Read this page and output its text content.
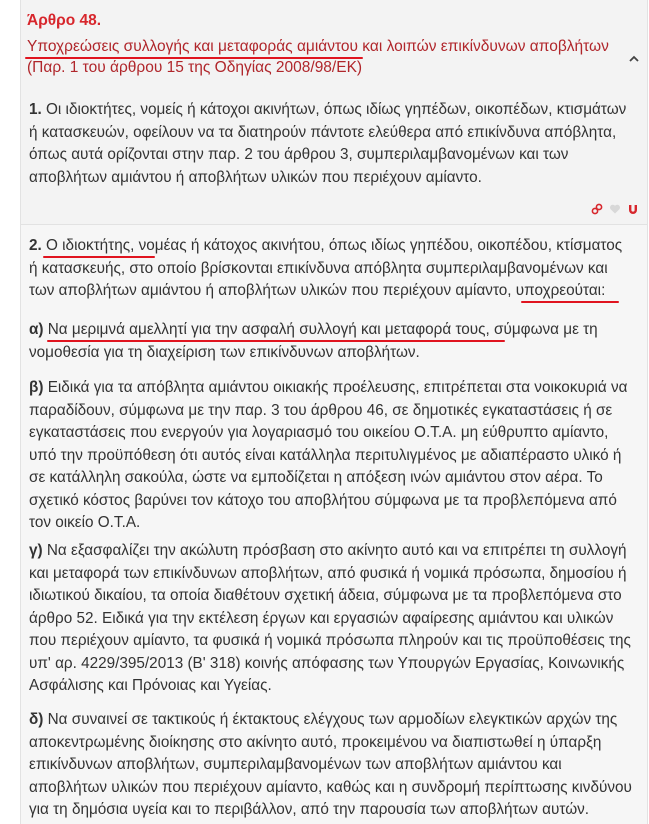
Άρθρο 48.
Υποχρεώσεις συλλογής και μεταφοράς αμιάντου και λοιπών επικίνδυνων αποβλήτων (Παρ. 1 του άρθρου 15 της Οδηγίας 2008/98/ΕΚ)
1. Οι ιδιοκτήτες, νομείς ή κάτοχοι ακινήτων, όπως ιδίως γηπέδων, οικοπέδων, κτισμάτων ή κατασκευών, οφείλουν να τα διατηρούν πάντοτε ελεύθερα από επικίνδυνα απόβλητα, όπως αυτά ορίζονται στην παρ. 2 του άρθρου 3, συμπεριλαμβανομένων και των αποβλήτων αμιάντου ή αποβλήτων υλικών που περιέχουν αμίαντο.
2. Ο ιδιοκτήτης, νομέας ή κάτοχος ακινήτου, όπως ιδίως γηπέδου, οικοπέδου, κτίσματος ή κατασκευής, στο οποίο βρίσκονται επικίνδυνα απόβλητα συμπεριλαμβανομένων και των αποβλήτων αμιάντου ή αποβλήτων υλικών που περιέχουν αμίαντο, υποχρεούται:
α) Να μεριμνά αμελλητί για την ασφαλή συλλογή και μεταφορά τους, σύμφωνα με τη νομοθεσία για τη διαχείριση των επικίνδυνων αποβλήτων.
β) Ειδικά για τα απόβλητα αμιάντου οικιακής προέλευσης, επιτρέπεται στα νοικοκυριά να παραδίδουν, σύμφωνα με την παρ. 3 του άρθρου 46, σε δημοτικές εγκαταστάσεις ή σε εγκαταστάσεις που ενεργούν για λογαριασμό του οικείου Ο.Τ.Α. μη εύθρυπτο αμίαντο, υπό την προϋπόθεση ότι αυτός είναι κατάλληλα περιτυλιγμένος με αδιαπέραστο υλικό ή σε κατάλληλη σακούλα, ώστε να εμποδίζεται η απόξεση ινών αμιάντου στον αέρα. Το σχετικό κόστος βαρύνει τον κάτοχο του αποβλήτου σύμφωνα με τα προβλεπόμενα από τον οικείο Ο.Τ.Α.
γ) Να εξασφαλίζει την ακώλυτη πρόσβαση στο ακίνητο αυτό και να επιτρέπει τη συλλογή και μεταφορά των επικίνδυνων αποβλήτων, από φυσικά ή νομικά πρόσωπα, δημοσίου ή ιδιωτικού δικαίου, τα οποία διαθέτουν σχετική άδεια, σύμφωνα με τα προβλεπόμενα στο άρθρο 52. Ειδικά για την εκτέλεση έργων και εργασιών αφαίρεσης αμιάντου και υλικών που περιέχουν αμίαντο, τα φυσικά ή νομικά πρόσωπα πληρούν και τις προϋποθέσεις της υπ' αρ. 4229/395/2013 (Β' 318) κοινής απόφασης των Υπουργών Εργασίας, Κοινωνικής Ασφάλισης και Πρόνοιας και Υγείας.
δ) Να συναινεί σε τακτικούς ή έκτακτους ελέγχους των αρμοδίων ελεγκτικών αρχών της αποκεντρωμένης διοίκησης στο ακίνητο αυτό, προκειμένου να διαπιστωθεί η ύπαρξη επικίνδυνων αποβλήτων, συμπεριλαμβανομένων των αποβλήτων αμιάντου και αποβλήτων υλικών που περιέχουν αμίαντο, καθώς και η συνδρομή περίπτωσης κινδύνου για τη δημόσια υγεία και το περιβάλλον, από την παρουσία των αποβλήτων αυτών.
